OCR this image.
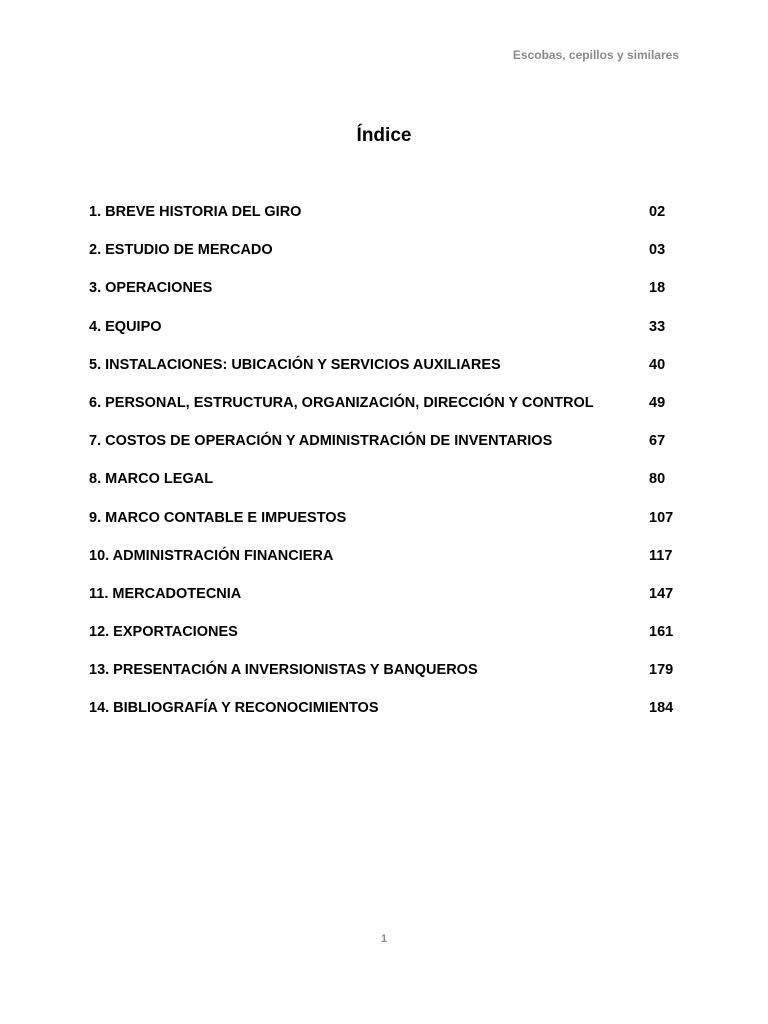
Escobas, cepillos y similares
Índice
1. BREVE HISTORIA DEL GIRO	02
2. ESTUDIO DE MERCADO	03
3. OPERACIONES	18
4. EQUIPO	33
5. INSTALACIONES: UBICACIÓN Y SERVICIOS AUXILIARES	40
6. PERSONAL, ESTRUCTURA, ORGANIZACIÓN, DIRECCIÓN Y CONTROL	49
7. COSTOS DE OPERACIÓN Y ADMINISTRACIÓN DE INVENTARIOS	67
8. MARCO LEGAL	80
9. MARCO CONTABLE E IMPUESTOS	107
10. ADMINISTRACIÓN FINANCIERA	117
11. MERCADOTECNIA	147
12. EXPORTACIONES	161
13. PRESENTACIÓN A INVERSIONISTAS Y BANQUEROS	179
14. BIBLIOGRAFÍA Y RECONOCIMIENTOS	184
1
